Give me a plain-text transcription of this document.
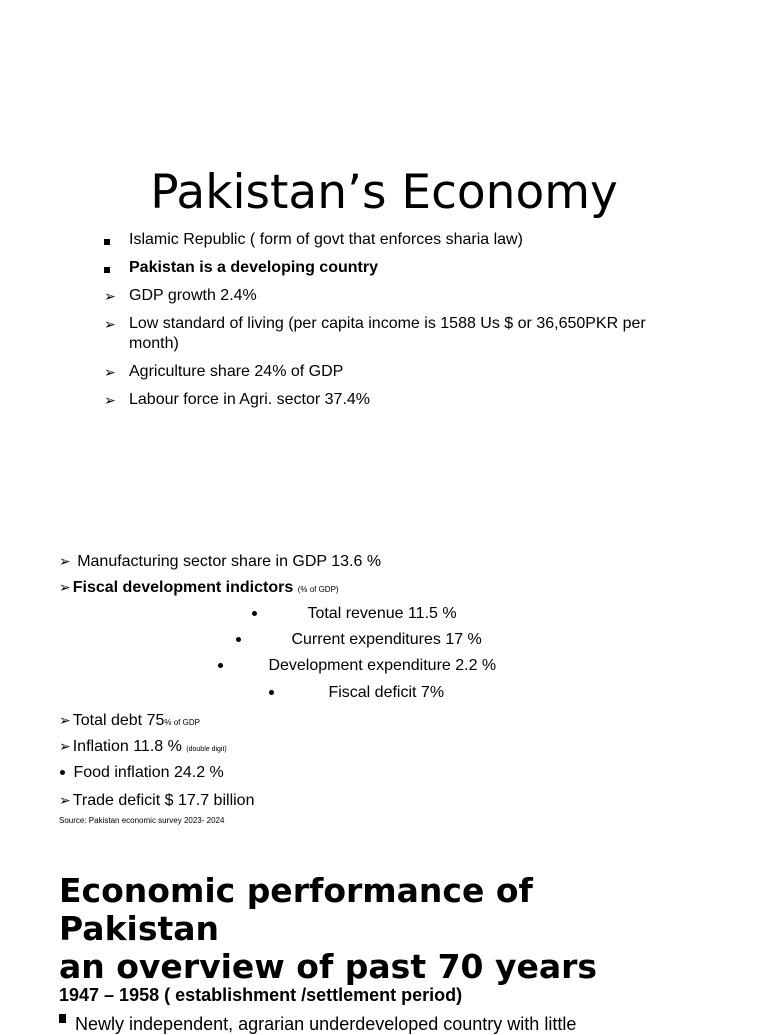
Pakistan’s Economy
Islamic Republic ( form of govt that enforces sharia law)
Pakistan is a developing country
➢ GDP growth 2.4%
➢ Low standard of living (per capita income is 1588 Us $ or 36,650PKR per month)
➢ Agriculture share 24% of GDP
➢ Labour force in Agri. sector 37.4%
➢ Manufacturing sector share in GDP 13.6 %
➢ Fiscal development indictors (% of GDP)
Total revenue 11.5 %
Current expenditures 17 %
Development expenditure 2.2 %
Fiscal deficit 7%
➢ Total debt 75% of GDP
➢ Inflation 11.8 % (double digit)
Food inflation 24.2 %
➢ Trade deficit $ 17.7 billion
Source: Pakistan economic survey 2023- 2024
Economic performance of
Pakistan
an overview of past 70 years
1947 – 1958 ( establishment /settlement period)
Newly independent, agrarian underdeveloped country with little
